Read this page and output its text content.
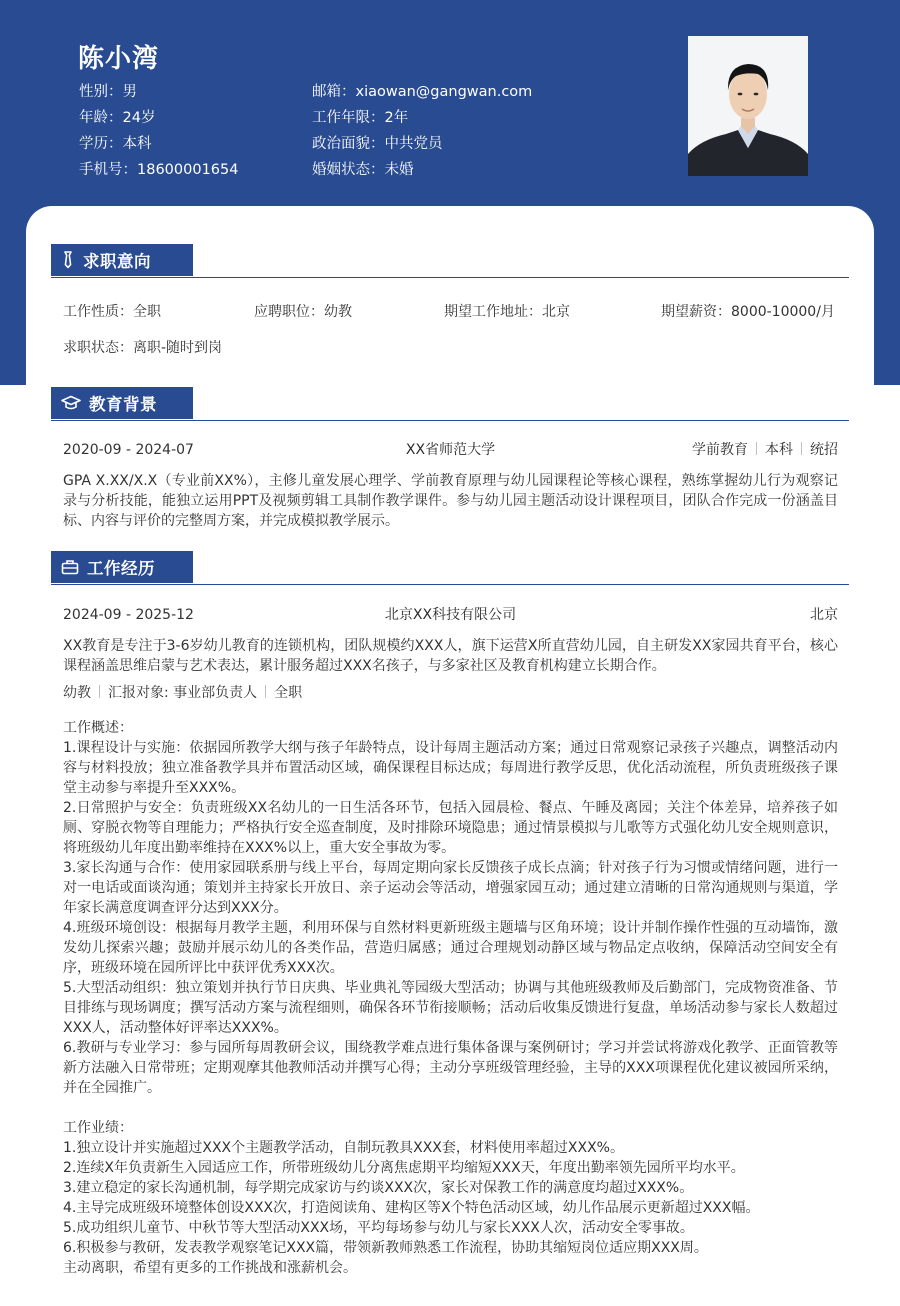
陈小湾
性别：男
年龄：24岁
学历：本科
手机号：18600001654
邮箱：xiaowan@gangwan.com
工作年限：2年
政治面貌：中共党员
婚姻状态：未婚
求职意向
工作性质：全职	应聘职位：幼教	期望工作地址：北京	期望薪资：8000-10000/月
求职状态：离职-随时到岗
教育背景
2020-09 - 2024-07	XX省师范大学	学前教育 本科 统招
GPA X.XX/X.X（专业前XX%），主修儿童发展心理学、学前教育原理与幼儿园课程论等核心课程，熟练掌握幼儿行为观察记录与分析技能，能独立运用PPT及视频剪辑工具制作教学课件。参与幼儿园主题活动设计课程项目，团队合作完成一份涵盖目标、内容与评价的完整周方案，并完成模拟教学展示。
工作经历
2024-09 - 2025-12	北京XX科技有限公司	北京
XX教育是专注于3-6岁幼儿教育的连锁机构，团队规模约XXX人，旗下运营X所直营幼儿园，自主研发XX家园共育平台，核心课程涵盖思维启蒙与艺术表达，累计服务超过XXX名孩子，与多家社区及教育机构建立长期合作。
幼教 汇报对象: 事业部负责人 全职
工作概述：
1.课程设计与实施：依据园所教学大纲与孩子年龄特点，设计每周主题活动方案；通过日常观察记录孩子兴趣点，调整活动内容与材料投放；独立准备教学具并布置活动区域，确保课程目标达成；每周进行教学反思，优化活动流程，所负责班级孩子课堂主动参与率提升至XXX%。
2.日常照护与安全：负责班级XX名幼儿的一日生活各环节，包括入园晨检、餐点、午睡及离园；关注个体差异，培养孩子如厕、穿脱衣物等自理能力；严格执行安全巡查制度，及时排除环境隐患；通过情景模拟与儿歌等方式强化幼儿安全规则意识，将班级幼儿年度出勤率维持在XXX%以上，重大安全事故为零。
3.家长沟通与合作：使用家园联系册与线上平台，每周定期向家长反馈孩子成长点滴；针对孩子行为习惯或情绪问题，进行一对一电话或面谈沟通；策划并主持家长开放日、亲子运动会等活动，增强家园互动；通过建立清晰的日常沟通规则与渠道，学年家长满意度调查评分达到XXX分。
4.班级环境创设：根据每月教学主题，利用环保与自然材料更新班级主题墙与区角环境；设计并制作操作性强的互动墙饰，激发幼儿探索兴趣；鼓励并展示幼儿的各类作品，营造归属感；通过合理规划动静区域与物品定点收纳，保障活动空间安全有序，班级环境在园所评比中获评优秀XXX次。
5.大型活动组织：独立策划并执行节日庆典、毕业典礼等园级大型活动；协调与其他班级教师及后勤部门，完成物资准备、节目排练与现场调度；撰写活动方案与流程细则，确保各环节衔接顺畅；活动后收集反馈进行复盘，单场活动参与家长人数超过XXX人，活动整体好评率达XXX%。
6.教研与专业学习：参与园所每周教研会议，围绕教学难点进行集体备课与案例研讨；学习并尝试将游戏化教学、正面管教等新方法融入日常带班；定期观摩其他教师活动并撰写心得；主动分享班级管理经验，主导的XXX项课程优化建议被园所采纳，并在全园推广。
工作业绩：
1.独立设计并实施超过XXX个主题教学活动，自制玩教具XXX套，材料使用率超过XXX%。
2.连续X年负责新生入园适应工作，所带班级幼儿分离焦虑期平均缩短XXX天，年度出勤率领先园所平均水平。
3.建立稳定的家长沟通机制，每学期完成家访与约谈XXX次，家长对保教工作的满意度均超过XXX%。
4.主导完成班级环境整体创设XXX次，打造阅读角、建构区等X个特色活动区域，幼儿作品展示更新超过XXX幅。
5.成功组织儿童节、中秋节等大型活动XXX场，平均每场参与幼儿与家长XXX人次，活动安全零事故。
6.积极参与教研，发表教学观察笔记XXX篇，带领新教师熟悉工作流程，协助其缩短岗位适应期XXX周。
主动离职，希望有更多的工作挑战和涨薪机会。
